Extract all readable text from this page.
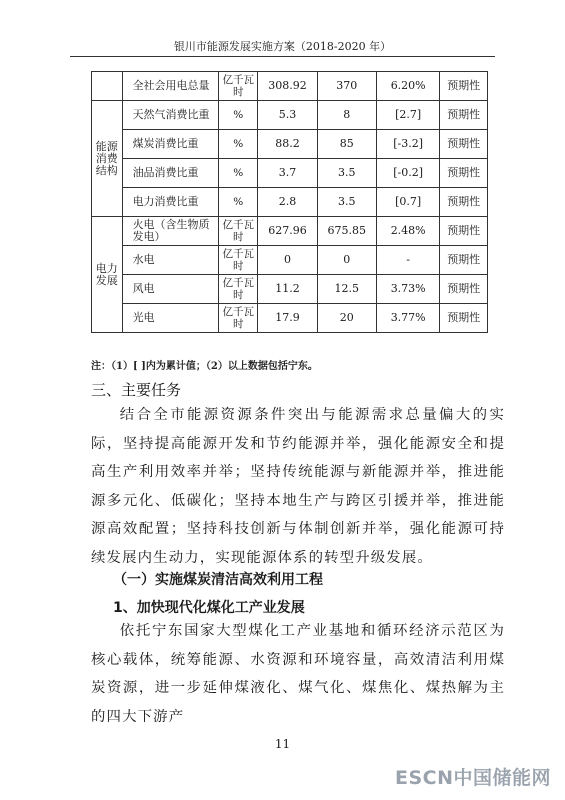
银川市能源发展实施方案（2018-2020 年）
	全社会用电总量	亿千瓦时	308.92	370	6.20%	预期性
能源消费结构	天然气消费比重	%	5.3	8	[2.7]	预期性
	煤炭消费比重	%	88.2	85	[-3.2]	预期性
	油品消费比重	%	3.7	3.5	[-0.2]	预期性
	电力消费比重	%	2.8	3.5	[0.7]	预期性
电力发展	火电（含生物质发电）	亿千瓦时	627.96	675.85	2.48%	预期性
	水电	亿千瓦时	0	0	-	预期性
	风电	亿千瓦时	11.2	12.5	3.73%	预期性
	光电	亿千瓦时	17.9	20	3.77%	预期性
注：（1）[ ]内为累计值；（2）以上数据包括宁东。
三、主要任务

结合全市能源资源条件突出与能源需求总量偏大的实际，坚持提高能源开发和节约能源并举，强化能源安全和提高生产利用效率并举；坚持传统能源与新能源并举，推进能源多元化、低碳化；坚持本地生产与跨区引援并举，推进能源高效配置；坚持科技创新与体制创新并举，强化能源可持续发展内生动力，实现能源体系的转型升级发展。

（一）实施煤炭清洁高效利用工程
1、加快现代化煤化工产业发展

依托宁东国家大型煤化工产业基地和循环经济示范区为核心载体，统筹能源、水资源和环境容量，高效清洁利用煤炭资源，进一步延伸煤液化、煤气化、煤焦化、煤热解为主的四大下游产

11
ESCN中国储能网
